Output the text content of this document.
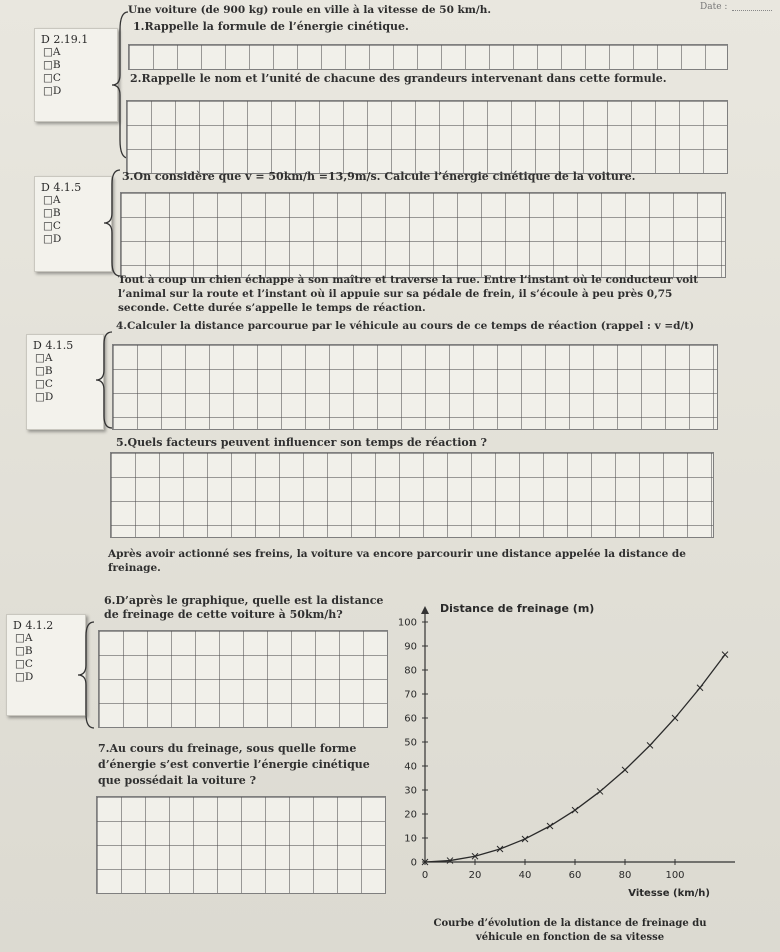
Date :
Une voiture (de 900 kg) roule en ville à la vitesse de 50 km/h.
1.Rappelle la formule de l’énergie cinétique.
D 2.19.1
□A
□B
□C
□D
2.Rappelle le nom et l’unité de chacune des grandeurs intervenant dans cette formule.
3.On considère que v = 50km/h =13,9m/s. Calcule l’énergie cinétique de la voiture.
D 4.1.5
□A
□B
□C
□D
Tout à coup un chien échappe à son maître et traverse la rue. Entre l’instant où le conducteur voit
l’animal sur la route et l’instant où il appuie sur sa pédale de frein, il s’écoule à peu près 0,75
seconde. Cette durée s’appelle le temps de réaction.
4.Calculer la distance parcourue par le véhicule au cours de ce temps de réaction (rappel : v =d/t)
D 4.1.5
□A
□B
□C
□D
5.Quels facteurs peuvent influencer son temps de réaction ?
Après avoir actionné ses freins, la voiture va encore parcourir une distance appelée la distance de
freinage.
6.D’après le graphique, quelle est la distance
de freinage de cette voiture à 50km/h?
D 4.1.2
□A
□B
□C
□D
7.Au cours du freinage, sous quelle forme
d’énergie s’est convertie l’énergie cinétique
que possédait la voiture ?
Distance de freinage (m)
Vitesse (km/h)
0
10
20
30
40
50
60
70
80
90
100
0	20	40	60	80	100
Courbe d’évolution de la distance de freinage du
véhicule en fonction de sa vitesse
